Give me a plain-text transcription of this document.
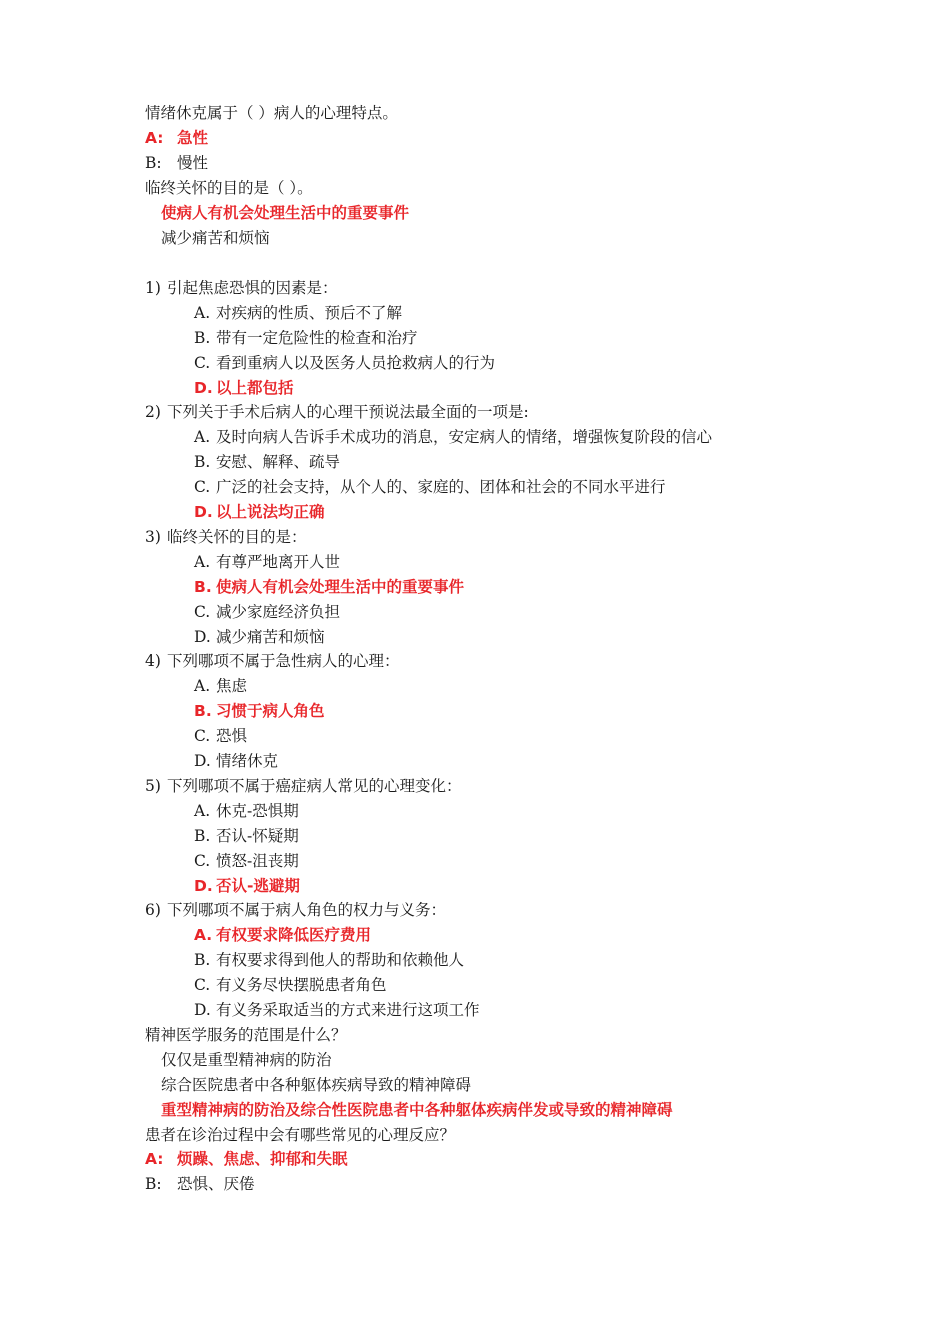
情绪休克属于（ ）病人的心理特点。
A: 急性
B: 慢性
临终关怀的目的是（ ）。
使病人有机会处理生活中的重要事件
减少痛苦和烦恼
1) 引起焦虑恐惧的因素是：
A. 对疾病的性质、预后不了解
B. 带有一定危险性的检查和治疗
C. 看到重病人以及医务人员抢救病人的行为
D. 以上都包括
2) 下列关于手术后病人的心理干预说法最全面的一项是:
A. 及时向病人告诉手术成功的消息，安定病人的情绪，增强恢复阶段的信心
B. 安慰、解释、疏导
C. 广泛的社会支持，从个人的、家庭的、团体和社会的不同水平进行
D. 以上说法均正确
3) 临终关怀的目的是：
A. 有尊严地离开人世
B. 使病人有机会处理生活中的重要事件
C. 减少家庭经济负担
D. 减少痛苦和烦恼
4) 下列哪项不属于急性病人的心理：
A. 焦虑
B. 习惯于病人角色
C. 恐惧
D. 情绪休克
5) 下列哪项不属于癌症病人常见的心理变化：
A. 休克-恐惧期
B. 否认-怀疑期
C. 愤怒-沮丧期
D. 否认-逃避期
6) 下列哪项不属于病人角色的权力与义务：
A. 有权要求降低医疗费用
B. 有权要求得到他人的帮助和依赖他人
C. 有义务尽快摆脱患者角色
D. 有义务采取适当的方式来进行这项工作
精神医学服务的范围是什么？
仅仅是重型精神病的防治
综合医院患者中各种躯体疾病导致的精神障碍
重型精神病的防治及综合性医院患者中各种躯体疾病伴发或导致的精神障碍
患者在诊治过程中会有哪些常见的心理反应？
A: 烦躁、焦虑、抑郁和失眠
B: 恐惧、厌倦
